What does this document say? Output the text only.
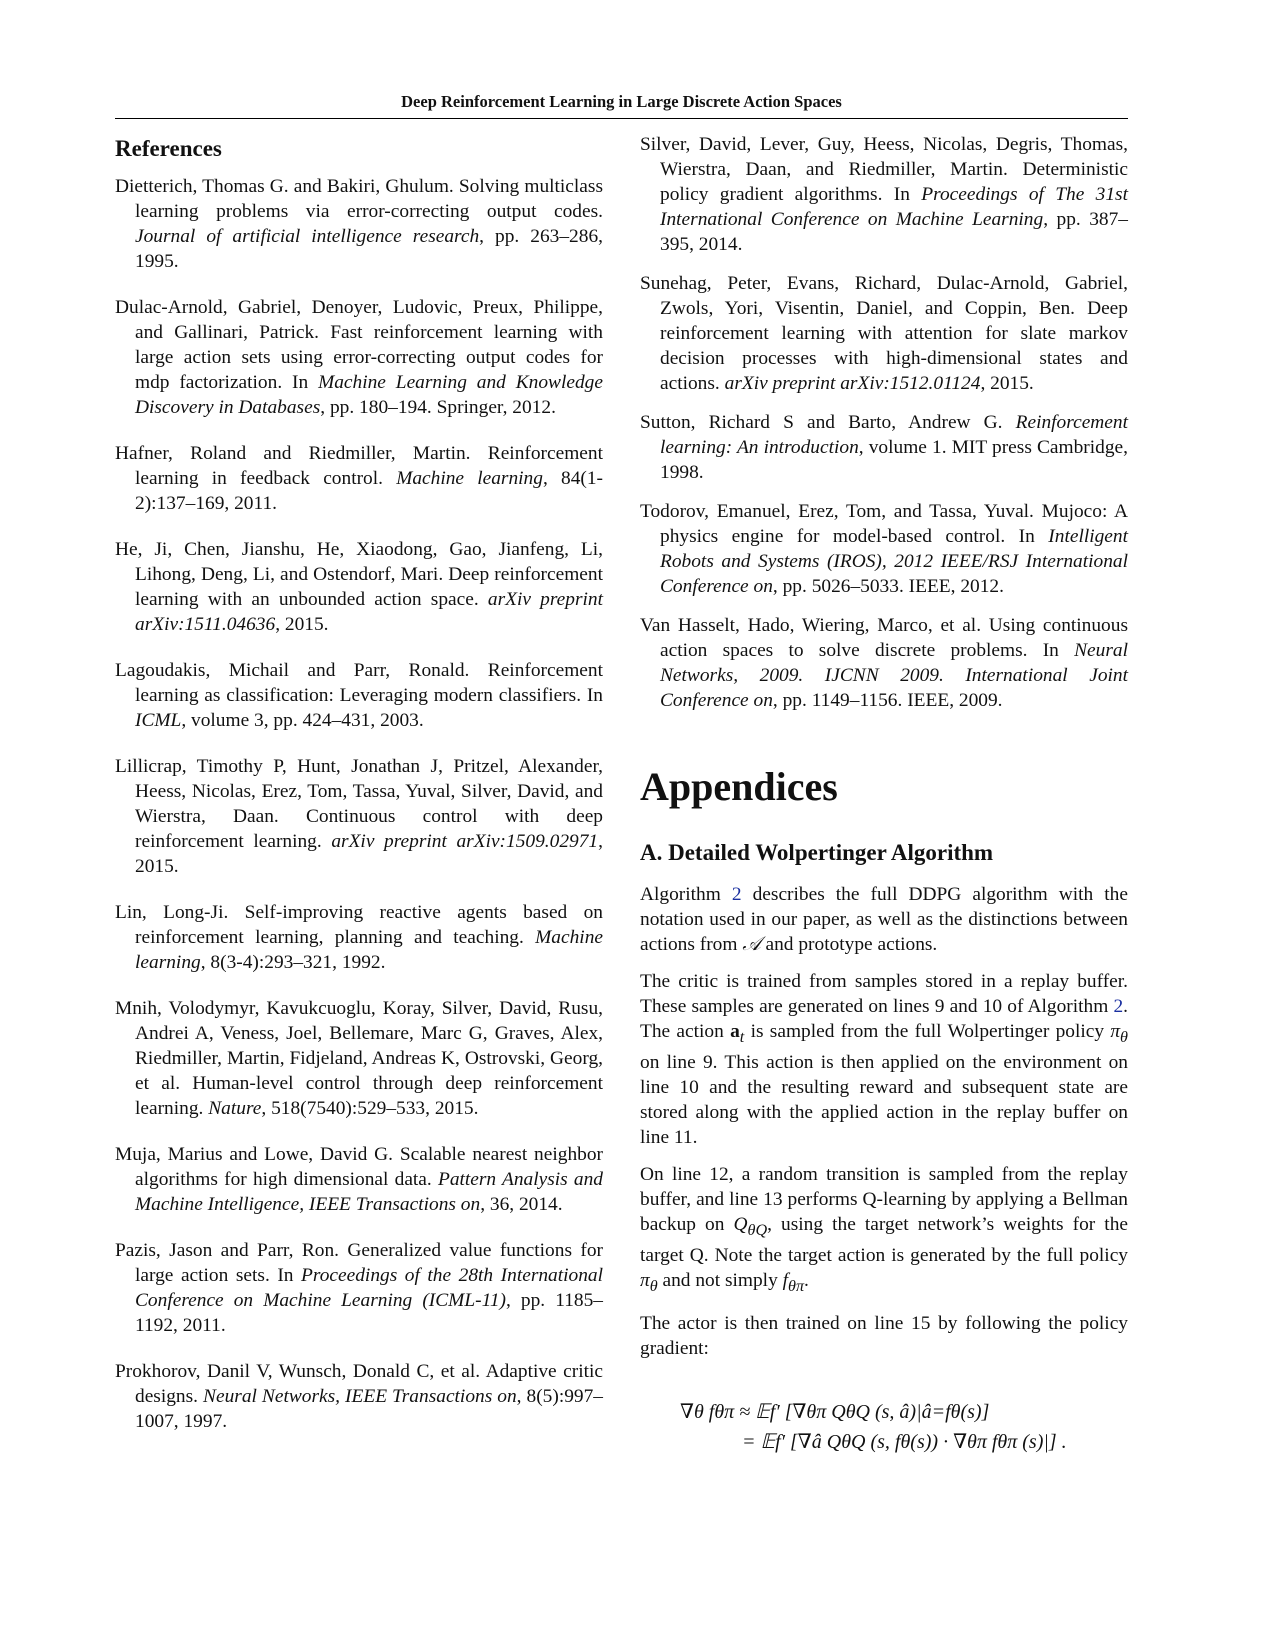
Deep Reinforcement Learning in Large Discrete Action Spaces
References

Dietterich, Thomas G. and Bakiri, Ghulum. Solving multiclass learning problems via error-correcting output codes. Journal of artificial intelligence research, pp. 263–286, 1995.

Dulac-Arnold, Gabriel, Denoyer, Ludovic, Preux, Philippe, and Gallinari, Patrick. Fast reinforcement learning with large action sets using error-correcting output codes for mdp factorization. In Machine Learning and Knowledge Discovery in Databases, pp. 180–194. Springer, 2012.

Hafner, Roland and Riedmiller, Martin. Reinforcement learning in feedback control. Machine learning, 84(1-2):137–169, 2011.

He, Ji, Chen, Jianshu, He, Xiaodong, Gao, Jianfeng, Li, Lihong, Deng, Li, and Ostendorf, Mari. Deep reinforcement learning with an unbounded action space. arXiv preprint arXiv:1511.04636, 2015.

Lagoudakis, Michail and Parr, Ronald. Reinforcement learning as classification: Leveraging modern classifiers. In ICML, volume 3, pp. 424–431, 2003.

Lillicrap, Timothy P, Hunt, Jonathan J, Pritzel, Alexander, Heess, Nicolas, Erez, Tom, Tassa, Yuval, Silver, David, and Wierstra, Daan. Continuous control with deep reinforcement learning. arXiv preprint arXiv:1509.02971, 2015.

Lin, Long-Ji. Self-improving reactive agents based on reinforcement learning, planning and teaching. Machine learning, 8(3-4):293–321, 1992.

Mnih, Volodymyr, Kavukcuoglu, Koray, Silver, David, Rusu, Andrei A, Veness, Joel, Bellemare, Marc G, Graves, Alex, Riedmiller, Martin, Fidjeland, Andreas K, Ostrovski, Georg, et al. Human-level control through deep reinforcement learning. Nature, 518(7540):529–533, 2015.

Muja, Marius and Lowe, David G. Scalable nearest neighbor algorithms for high dimensional data. Pattern Analysis and Machine Intelligence, IEEE Transactions on, 36, 2014.

Pazis, Jason and Parr, Ron. Generalized value functions for large action sets. In Proceedings of the 28th International Conference on Machine Learning (ICML-11), pp. 1185–1192, 2011.

Prokhorov, Danil V, Wunsch, Donald C, et al. Adaptive critic designs. Neural Networks, IEEE Transactions on, 8(5):997–1007, 1997.

Silver, David, Lever, Guy, Heess, Nicolas, Degris, Thomas, Wierstra, Daan, and Riedmiller, Martin. Deterministic policy gradient algorithms. In Proceedings of The 31st International Conference on Machine Learning, pp. 387–395, 2014.

Sunehag, Peter, Evans, Richard, Dulac-Arnold, Gabriel, Zwols, Yori, Visentin, Daniel, and Coppin, Ben. Deep reinforcement learning with attention for slate markov decision processes with high-dimensional states and actions. arXiv preprint arXiv:1512.01124, 2015.

Sutton, Richard S and Barto, Andrew G. Reinforcement learning: An introduction, volume 1. MIT press Cambridge, 1998.

Todorov, Emanuel, Erez, Tom, and Tassa, Yuval. Mujoco: A physics engine for model-based control. In Intelligent Robots and Systems (IROS), 2012 IEEE/RSJ International Conference on, pp. 5026–5033. IEEE, 2012.

Van Hasselt, Hado, Wiering, Marco, et al. Using continuous action spaces to solve discrete problems. In Neural Networks, 2009. IJCNN 2009. International Joint Conference on, pp. 1149–1156. IEEE, 2009.

Appendices
A. Detailed Wolpertinger Algorithm

Algorithm 2 describes the full DDPG algorithm with the notation used in our paper, as well as the distinctions between actions from 𝒜 and prototype actions.

The critic is trained from samples stored in a replay buffer. These samples are generated on lines 9 and 10 of Algorithm 2. The action $a_t$ is sampled from the full Wolpertinger policy $\pi_\theta$ on line 9. This action is then applied on the environment on line 10 and the resulting reward and subsequent state are stored along with the applied action in the replay buffer on line 11.

On line 12, a random transition is sampled from the replay buffer, and line 13 performs Q-learning by applying a Bellman backup on $Q_{\theta Q}$, using the target network’s weights for the target Q. Note the target action is generated by the full policy $\pi_\theta$ and not simply $f_{\theta\pi}$.

The actor is then trained on line 15 by following the policy gradient:

∇θ fθπ ≈ 𝔼f′ [∇θπ QθQ (s, â)|â=fθ(s)]
= 𝔼f′ [∇â QθQ (s, fθ(s)) · ∇θπ fθπ (s)|] .
